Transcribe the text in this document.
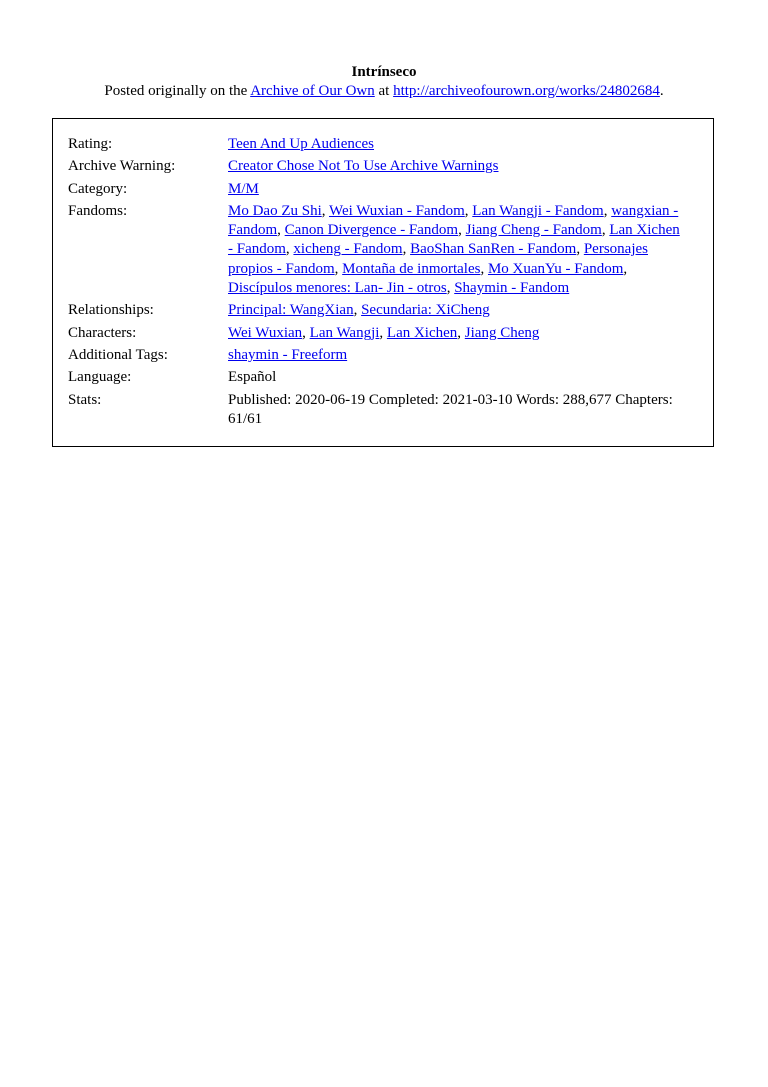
Intrínseco
Posted originally on the Archive of Our Own at http://archiveofourown.org/works/24802684.
Rating:	Teen And Up Audiences
Archive Warning:	Creator Chose Not To Use Archive Warnings
Category:	M/M
Fandoms:	Mo Dao Zu Shi, Wei Wuxian - Fandom, Lan Wangji - Fandom, wangxian - Fandom, Canon Divergence - Fandom, Jiang Cheng - Fandom, Lan Xichen - Fandom, xicheng - Fandom, BaoShan SanRen - Fandom, Personajes propios - Fandom, Montaña de inmortales, Mo XuanYu - Fandom, Discípulos menores: Lan- Jin - otros, Shaymin - Fandom
Relationships:	Principal: WangXian, Secundaria: XiCheng
Characters:	Wei Wuxian, Lan Wangji, Lan Xichen, Jiang Cheng
Additional Tags:	shaymin - Freeform
Language:	Español
Stats:	Published: 2020-06-19 Completed: 2021-03-10 Words: 288,677 Chapters: 61/61
